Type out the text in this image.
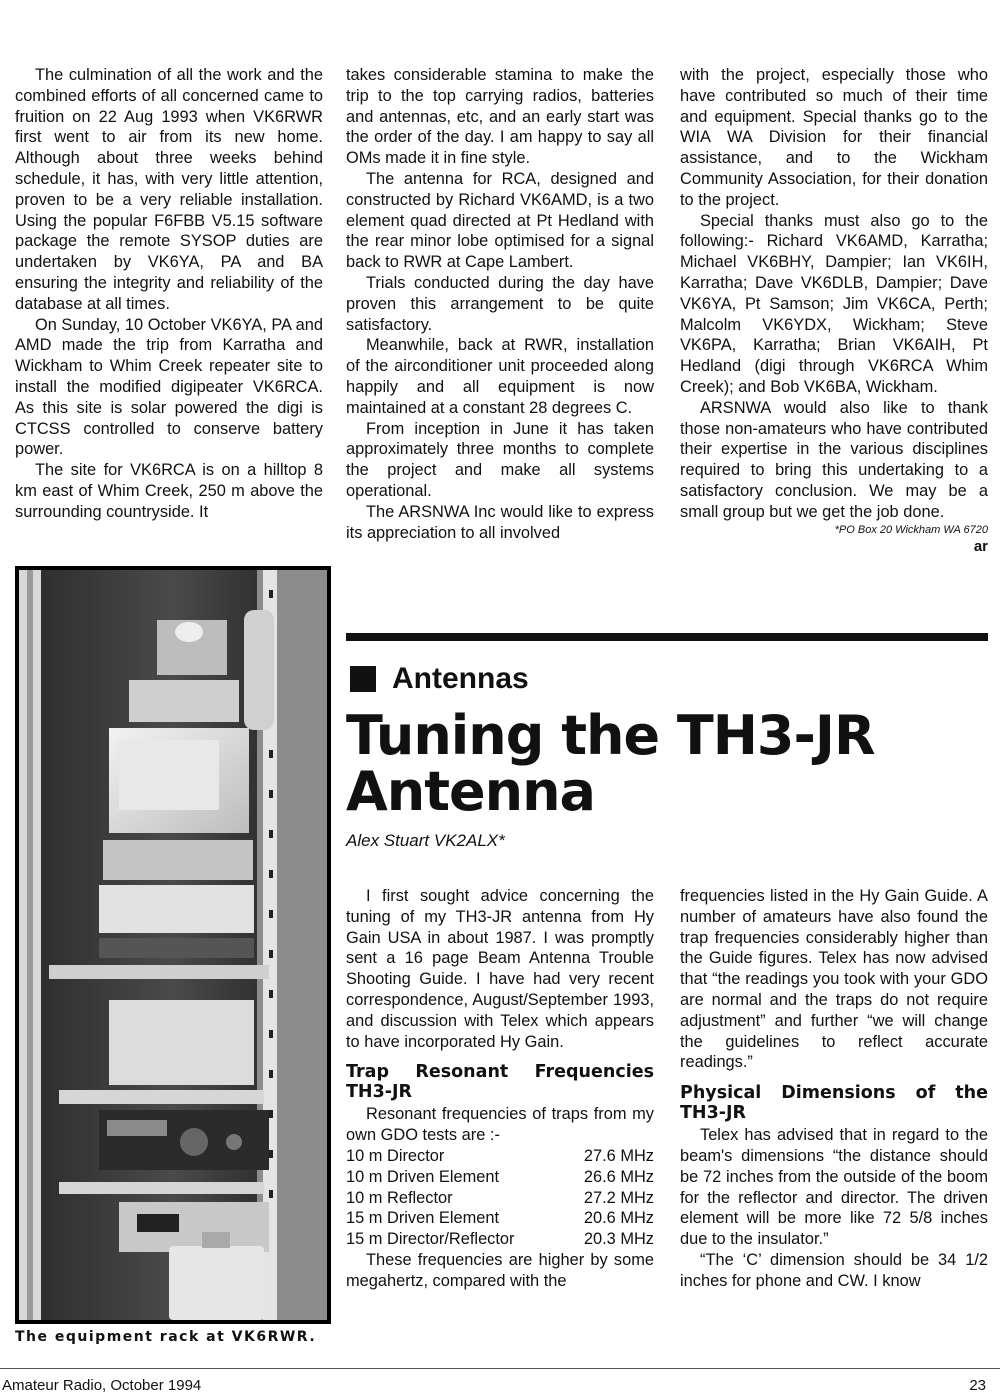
The culmination of all the work and the combined efforts of all concerned came to fruition on 22 Aug 1993 when VK6RWR first went to air from its new home. Although about three weeks behind schedule, it has, with very little attention, proven to be a very reliable installation. Using the popular F6FBB V5.15 software package the remote SYSOP duties are undertaken by VK6YA, PA and BA ensuring the integrity and reliability of the database at all times.

On Sunday, 10 October VK6YA, PA and AMD made the trip from Karratha and Wickham to Whim Creek repeater site to install the modified digipeater VK6RCA. As this site is solar powered the digi is CTCSS controlled to conserve battery power.

The site for VK6RCA is on a hilltop 8 km east of Whim Creek, 250 m above the surrounding countryside. It

takes considerable stamina to make the trip to the top carrying radios, batteries and antennas, etc, and an early start was the order of the day. I am happy to say all OMs made it in fine style.

The antenna for RCA, designed and constructed by Richard VK6AMD, is a two element quad directed at Pt Hedland with the rear minor lobe optimised for a signal back to RWR at Cape Lambert.

Trials conducted during the day have proven this arrangement to be quite satisfactory.

Meanwhile, back at RWR, installation of the airconditioner unit proceeded along happily and all equipment is now maintained at a constant 28 degrees C.

From inception in June it has taken approximately three months to complete the project and make all systems operational.

The ARSNWA Inc would like to express its appreciation to all involved

with the project, especially those who have contributed so much of their time and equipment. Special thanks go to the WIA WA Division for their financial assistance, and to the Wickham Community Association, for their donation to the project.

Special thanks must also go to the following:- Richard VK6AMD, Karratha; Michael VK6BHY, Dampier; Ian VK6IH, Karratha; Dave VK6DLB, Dampier; Dave VK6YA, Pt Samson; Jim VK6CA, Perth; Malcolm VK6YDX, Wickham; Steve VK6PA, Karratha; Brian VK6AIH, Pt Hedland (digi through VK6RCA Whim Creek); and Bob VK6BA, Wickham.

ARSNWA would also like to thank those non-amateurs who have contributed their expertise in the various disciplines required to bring this undertaking to a satisfactory conclusion. We may be a small group but we get the job done.

*PO Box 20 Wickham WA 6720

ar

The equipment rack at VK6RWR.
Antennas
Tuning the TH3-JR Antenna
Alex Stuart VK2ALX*

I first sought advice concerning the tuning of my TH3-JR antenna from Hy Gain USA in about 1987. I was promptly sent a 16 page Beam Antenna Trouble Shooting Guide. I have had very recent correspondence, August/September 1993, and discussion with Telex which appears to have incorporated Hy Gain.

Trap Resonant Frequencies TH3-JR

Resonant frequencies of traps from my own GDO tests are :-

10 m Director	27.6 MHz
10 m Driven Element	26.6 MHz
10 m Reflector	27.2 MHz
15 m Driven Element	20.6 MHz
15 m Director/Reflector	20.3 MHz

These frequencies are higher by some megahertz, compared with the

frequencies listed in the Hy Gain Guide. A number of amateurs have also found the trap frequencies considerably higher than the Guide figures. Telex has now advised that “the readings you took with your GDO are normal and the traps do not require adjustment” and further “we will change the guidelines to reflect accurate readings.”

Physical Dimensions of the TH3-JR

Telex has advised that in regard to the beam's dimensions “the distance should be 72 inches from the outside of the boom for the reflector and director. The driven element will be more like 72 5/8 inches due to the insulator.”

“The ‘C’ dimension should be 34 1/2 inches for phone and CW. I know

Amateur Radio, October 1994	23
